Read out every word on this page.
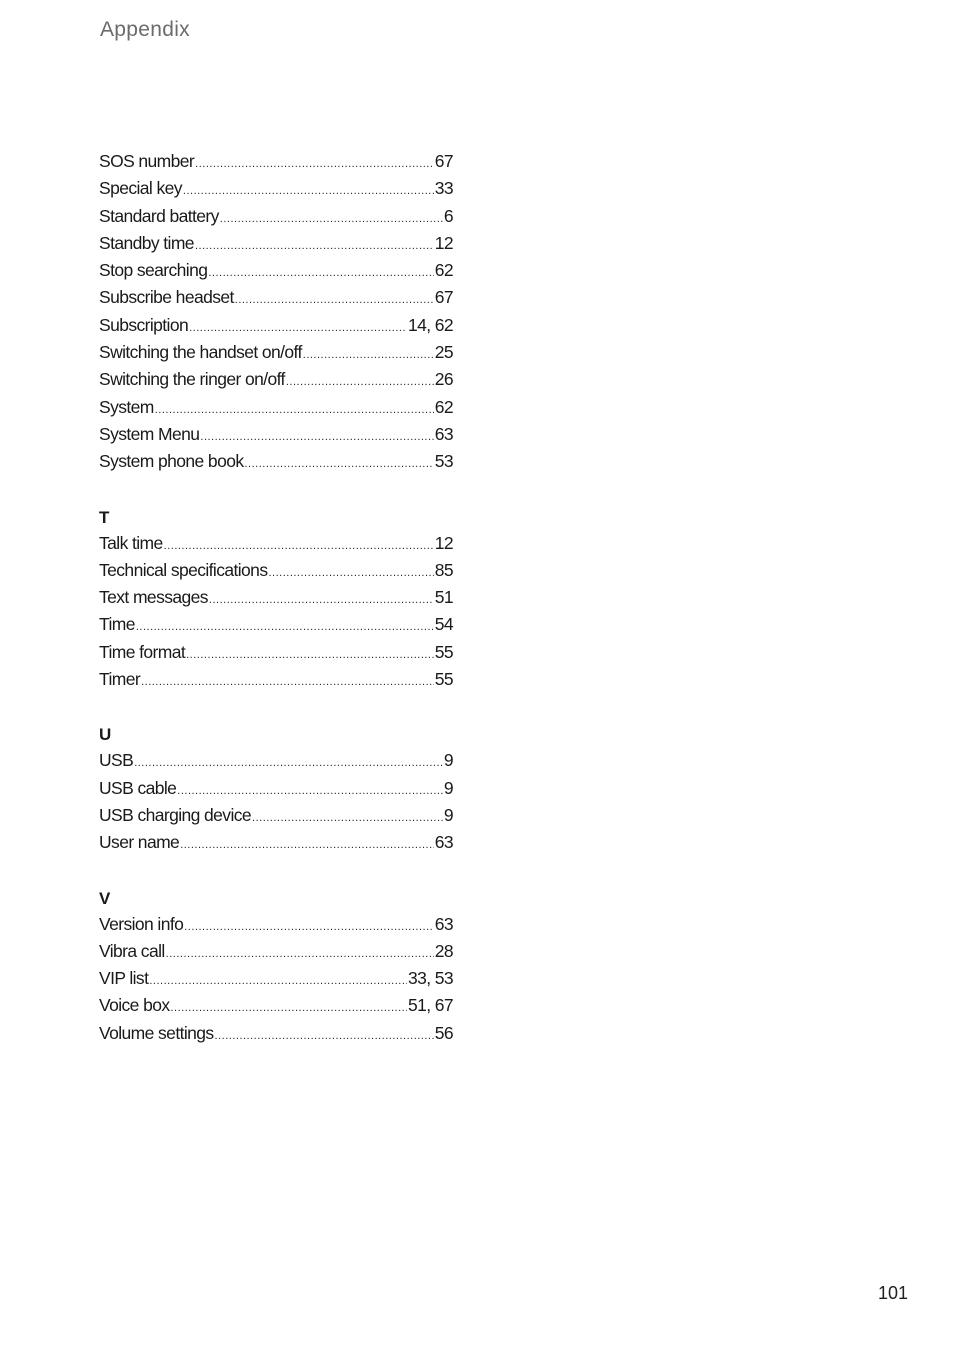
Appendix
SOS number .....	67
Special key .....	33
Standard battery .....	6
Standby time .....	12
Stop searching .....	62
Subscribe headset .....	67
Subscription .....	14, 62
Switching the handset on/off .....	25
Switching the ringer on/off .....	26
System .....	62
System Menu .....	63
System phone book .....	53
T
Talk time .....	12
Technical specifications .....	85
Text messages .....	51
Time .....	54
Time format .....	55
Timer .....	55
U
USB .....	9
USB cable .....	9
USB charging device .....	9
User name .....	63
V
Version info .....	63
Vibra call .....	28
VIP list .....	33, 53
Voice box .....	51, 67
Volume settings .....	56
101
